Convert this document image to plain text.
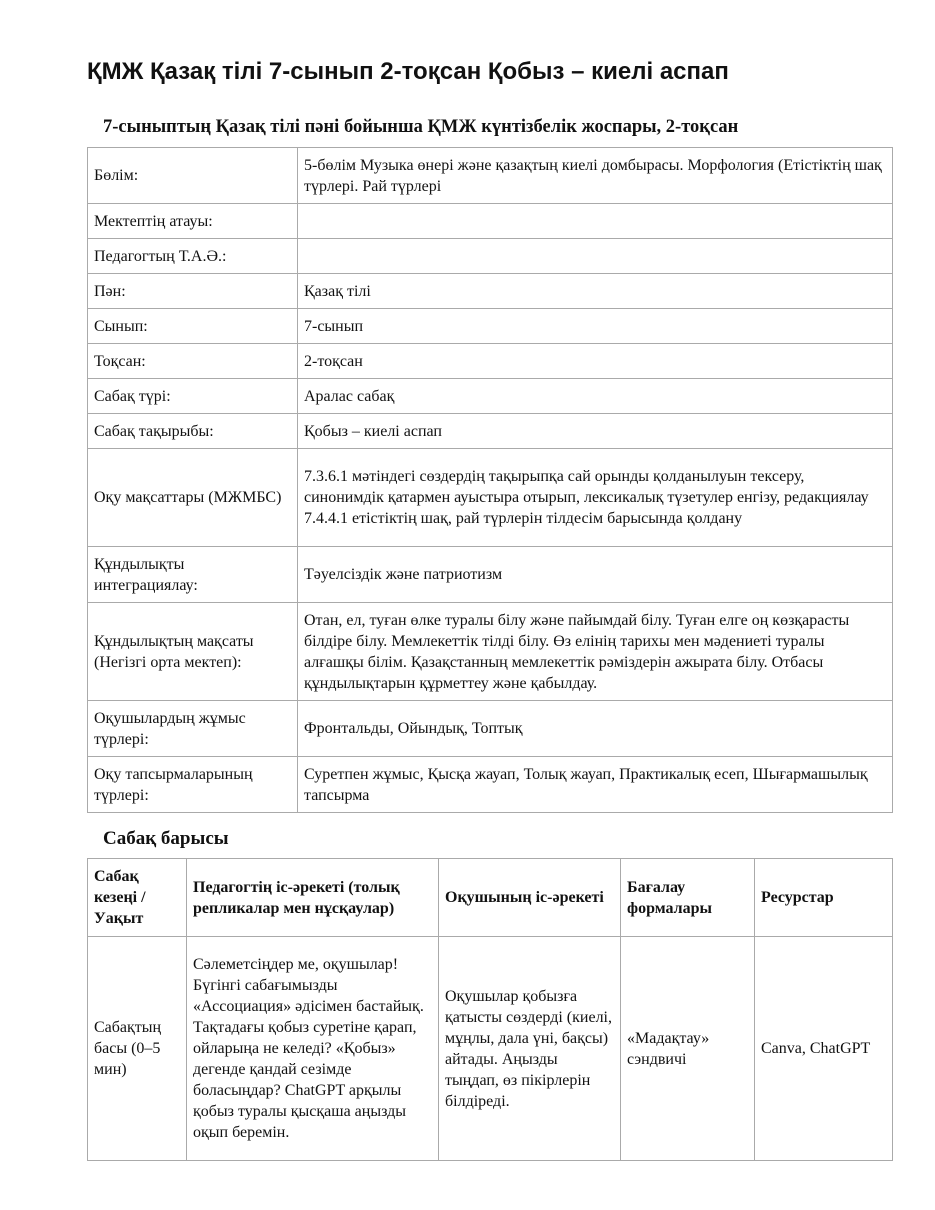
ҚМЖ Қазақ тілі 7-сынып 2-тоқсан Қобыз – киелі аспап
7-сыныптың Қазақ тілі пәні бойынша ҚМЖ күнтізбелік жоспары, 2-тоқсан
Бөлім:	5-бөлім Музыка өнері және қазақтың киелі домбырасы. Морфология (Етістіктің шақ түрлері. Рай түрлері
Мектептің атауы:	
Педагогтың Т.А.Ә.:	
Пән:	Қазақ тілі
Сынып:	7-сынып
Тоқсан:	2-тоқсан
Сабақ түрі:	Аралас сабақ
Сабақ тақырыбы:	Қобыз – киелі аспап
Оқу мақсаттары (МЖМБС)	7.3.6.1 мәтіндегі сөздердің тақырыпқа сай орынды қолданылуын тексеру, синонимдік қатармен ауыстыра отырып, лексикалық түзетулер енгізу, редакциялау 7.4.4.1 етістіктің шақ, рай түрлерін тілдесім барысында қолдану
Құндылықты интеграциялау:	Тәуелсіздік және патриотизм
Құндылықтың мақсаты (Негізгі орта мектеп):	Отан, ел, туған өлке туралы білу және пайымдай білу. Туған елге оң көзқарасты білдіре білу. Мемлекеттік тілді білу. Өз елінің тарихы мен мәдениеті туралы алғашқы білім. Қазақстанның мемлекеттік рәміздерін ажырата білу. Отбасы құндылықтарын құрметтеу және қабылдау.
Оқушылардың жұмыс түрлері:	Фронтальды, Ойындық, Топтық
Оқу тапсырмаларының түрлері:	Суретпен жұмыс, Қысқа жауап, Толық жауап, Практикалық есеп, Шығармашылық тапсырма
Сабақ барысы
Сабақ кезеңі / Уақыт	Педагогтің іс-әрекеті (толық репликалар мен нұсқаулар)	Оқушының іс-әрекеті	Бағалау формалары	Ресурстар
Сабақтың басы (0–5 мин)	Сәлеметсіңдер ме, оқушылар! Бүгінгі сабағымызды «Ассоциация» әдісімен бастайық. Тақтадағы қобыз суретіне қарап, ойларыңа не келеді? «Қобыз» дегенде қандай сезімде боласыңдар? ChatGPT арқылы қобыз туралы қысқаша аңызды оқып беремін.	Оқушылар қобызға қатысты сөздерді (киелі, мұңлы, дала үні, бақсы) айтады. Аңызды тыңдап, өз пікірлерін білдіреді.	«Мадақтау» сэндвичі	Canva, ChatGPT
